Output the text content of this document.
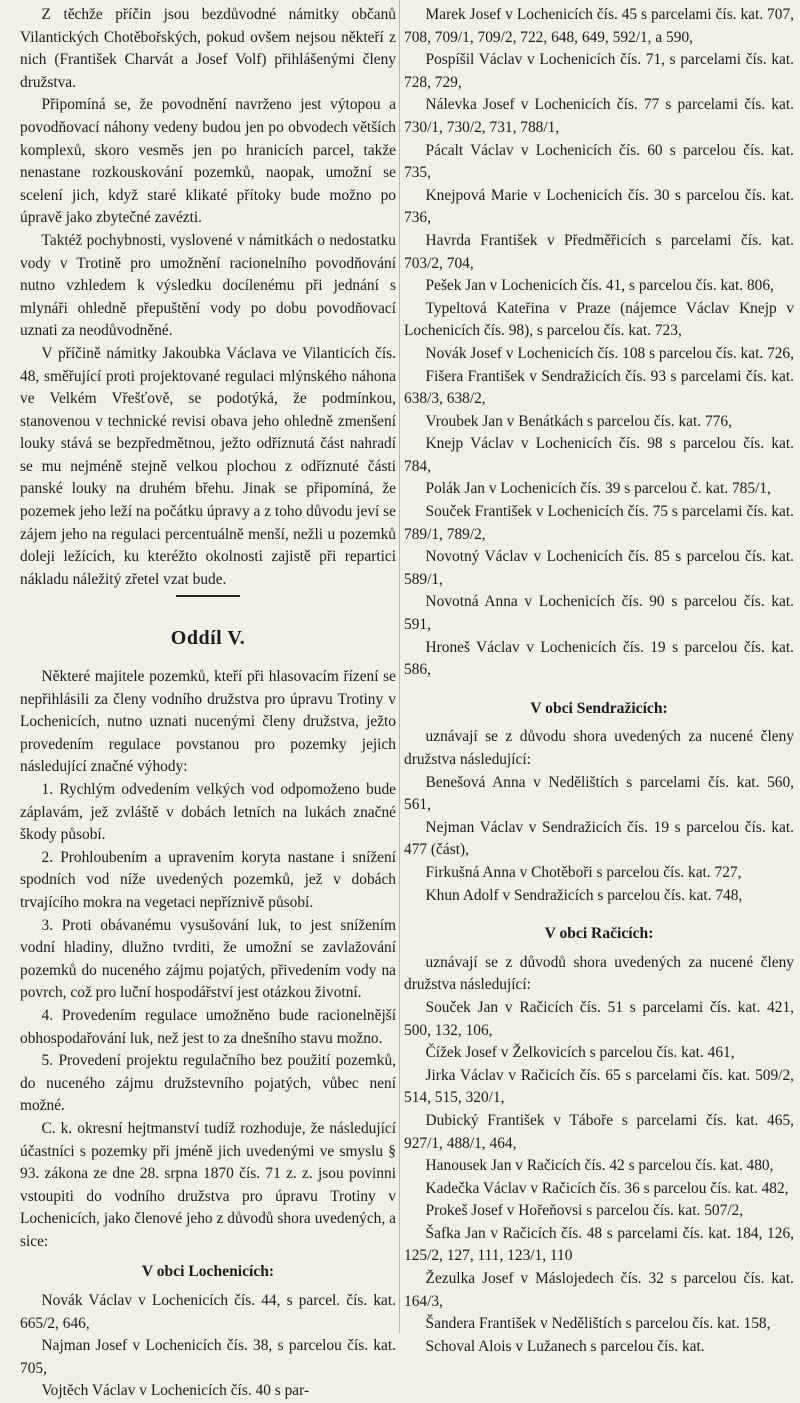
Z těchže příčin jsou bezdůvodné námitky občanů Vilantických Chotěbořských, pokud ovšem nejsou někteří z nich (František Charvát a Josef Volf) přihlášenými členy družstva.

Připomíná se, že povodnění navrženo jest výtopou a povodňovací náhony vedeny budou jen po obvodech větších komplexů, skoro vesměs jen po hranicích parcel, takže nenastane rozkouskování pozemků, naopak, umožní se scelení jich, když staré klikaté přítoky bude možno po úpravě jako zbytečné zavézti.

Taktéž pochybnosti, vyslovené v námitkách o nedostatku vody v Trotině pro umožnění racionelního povodňování nutno vzhledem k výsledku docílenému při jednání s mlynáři ohledně přepuštění vody po dobu povodňovací uznati za neodůvodněné.

V příčině námitky Jakoubka Václava ve Vilanticích čís. 48, směřující proti projektované regulaci mlýnského náhona ve Velkém Vřešťově, se podotýká, že podmínkou, stanovenou v technické revisi obava jeho ohledně zmenšení louky stává se bezpředmětnou, ježto odříznutá část nahradí se mu nejméně stejně velkou plochou z odříznuté části panské louky na druhém břehu. Jinak se připomíná, že pozemek jeho leží na počátku úpravy a z toho důvodu jeví se zájem jeho na regulaci percentuálně menší, nežli u pozemků doleji ležících, ku kteréžto okolnosti zajistě při repartici nákladu náležitý zřetel vzat bude.

Oddíl V.

Některé majitele pozemků, kteří při hlasovacím řízení se nepřihlásili za členy vodního družstva pro úpravu Trotiny v Lochenicích, nutno uznati nucenými členy družstva, ježto provedením regulace povstanou pro pozemky jejich následující značné výhody:

1. Rychlým odvedením velkých vod odpomoženo bude záplavám, jež zvláště v dobách letních na lukách značné škody působí.

2. Prohloubením a upravením koryta nastane i snížení spodních vod níže uvedených pozemků, jež v dobách trvajícího mokra na vegetaci nepříznivě působí.

3. Proti obávanému vysušování luk, to jest snížením vodní hladiny, dlužno tvrditi, že umožní se zavlažování pozemků do nuceného zájmu pojatých, přivedením vody na povrch, což pro luční hospodářství jest otázkou životní.

4. Provedením regulace umožněno bude racionelnější obhospodařování luk, než jest to za dnešního stavu možno.

5. Provedení projektu regulačního bez použití pozemků, do nuceného zájmu družstevního pojatých, vůbec není možné.

C. k. okresní hejtmanství tudíž rozhoduje, že následující účastníci s pozemky při jméně jich uvedenými ve smyslu § 93. zákona ze dne 28. srpna 1870 čís. 71 z. z. jsou povinni vstoupiti do vodního družstva pro úpravu Trotiny v Lochenicích, jako členové jeho z důvodů shora uvedených, a sice:

V obci Lochenicích:

Novák Václav v Lochenicích čís. 44, s parcel. čís. kat. 665/2, 646,

Najman Josef v Lochenicích čís. 38, s parcelou čís. kat. 705,

Vojtěch Václav v Lochenicích čís. 40 s par-

Marek Josef v Lochenicích čís. 45 s parcelami čís. kat. 707, 708, 709/1, 709/2, 722, 648, 649, 592/1, a 590,

Pospíšil Václav v Lochenicích čís. 71, s parcelami čís. kat. 728, 729,

Nálevka Josef v Lochenicích čís. 77 s parcelami čís. kat. 730/1, 730/2, 731, 788/1,

Pácalt Václav v Lochenicích čís. 60 s parcelou čís. kat. 735,

Knejpová Marie v Lochenicích čís. 30 s parcelou čís. kat. 736,

Havrda František v Předměřicích s parcelami čís. kat. 703/2, 704,

Pešek Jan v Lochenicích čís. 41, s parcelou čís. kat. 806,

Typeltová Kateřina v Praze (nájemce Václav Knejp v Lochenicích čís. 98), s parcelou čís. kat. 723,

Novák Josef v Lochenicích čís. 108 s parcelou čís. kat. 726,

Fišera František v Sendražicích čís. 93 s parcelami čís. kat. 638/3, 638/2,

Vroubek Jan v Benátkách s parcelou čís. kat. 776,

Knejp Václav v Lochenicích čís. 98 s parcelou čís. kat. 784,

Polák Jan v Lochenicích čís. 39 s parcelou č. kat. 785/1,

Souček František v Lochenicích čís. 75 s parcelami čís. kat. 789/1, 789/2,

Novotný Václav v Lochenicích čís. 85 s parcelou čís. kat. 589/1,

Novotná Anna v Lochenicích čís. 90 s parcelou čís. kat. 591,

Hroneš Václav v Lochenicích čís. 19 s parcelou čís. kat. 586,

V obci Sendražicích:

uznávají se z důvodu shora uvedených za nucené členy družstva následující:

Benešová Anna v Nedělištích s parcelami čís. kat. 560, 561,

Nejman Václav v Sendražicích čís. 19 s parcelou čís. kat. 477 (část),

Firkušná Anna v Chotěboři s parcelou čís. kat. 727,

Khun Adolf v Sendražicích s parcelou čís. kat. 748,

V obci Račicích:

uznávají se z důvodů shora uvedených za nucené členy družstva následující:

Souček Jan v Račicích čís. 51 s parcelami čís. kat. 421, 500, 132, 106,

Čížek Josef v Želkovicích s parcelou čís. kat. 461,

Jirka Václav v Račicích čís. 65 s parcelami čís. kat. 509/2, 514, 515, 320/1,

Dubický František v Táboře s parcelami čís. kat. 465, 927/1, 488/1, 464,

Hanousek Jan v Račicích čís. 42 s parcelou čís. kat. 480,

Kadečka Václav v Račicích čís. 36 s parcelou čís. kat. 482,

Prokeš Josef v Hořeňovsi s parcelou čís. kat. 507/2,

Šafka Jan v Račicích čís. 48 s parcelami čís. kat. 184, 126, 125/2, 127, 111, 123/1, 110

Žezulka Josef v Máslojedech čís. 32 s parcelou čís. kat. 164/3,

Šandera František v Nedělištích s parcelou čís. kat. 158,

Schoval Alois v Lužanech s parcelou čís. kat.
